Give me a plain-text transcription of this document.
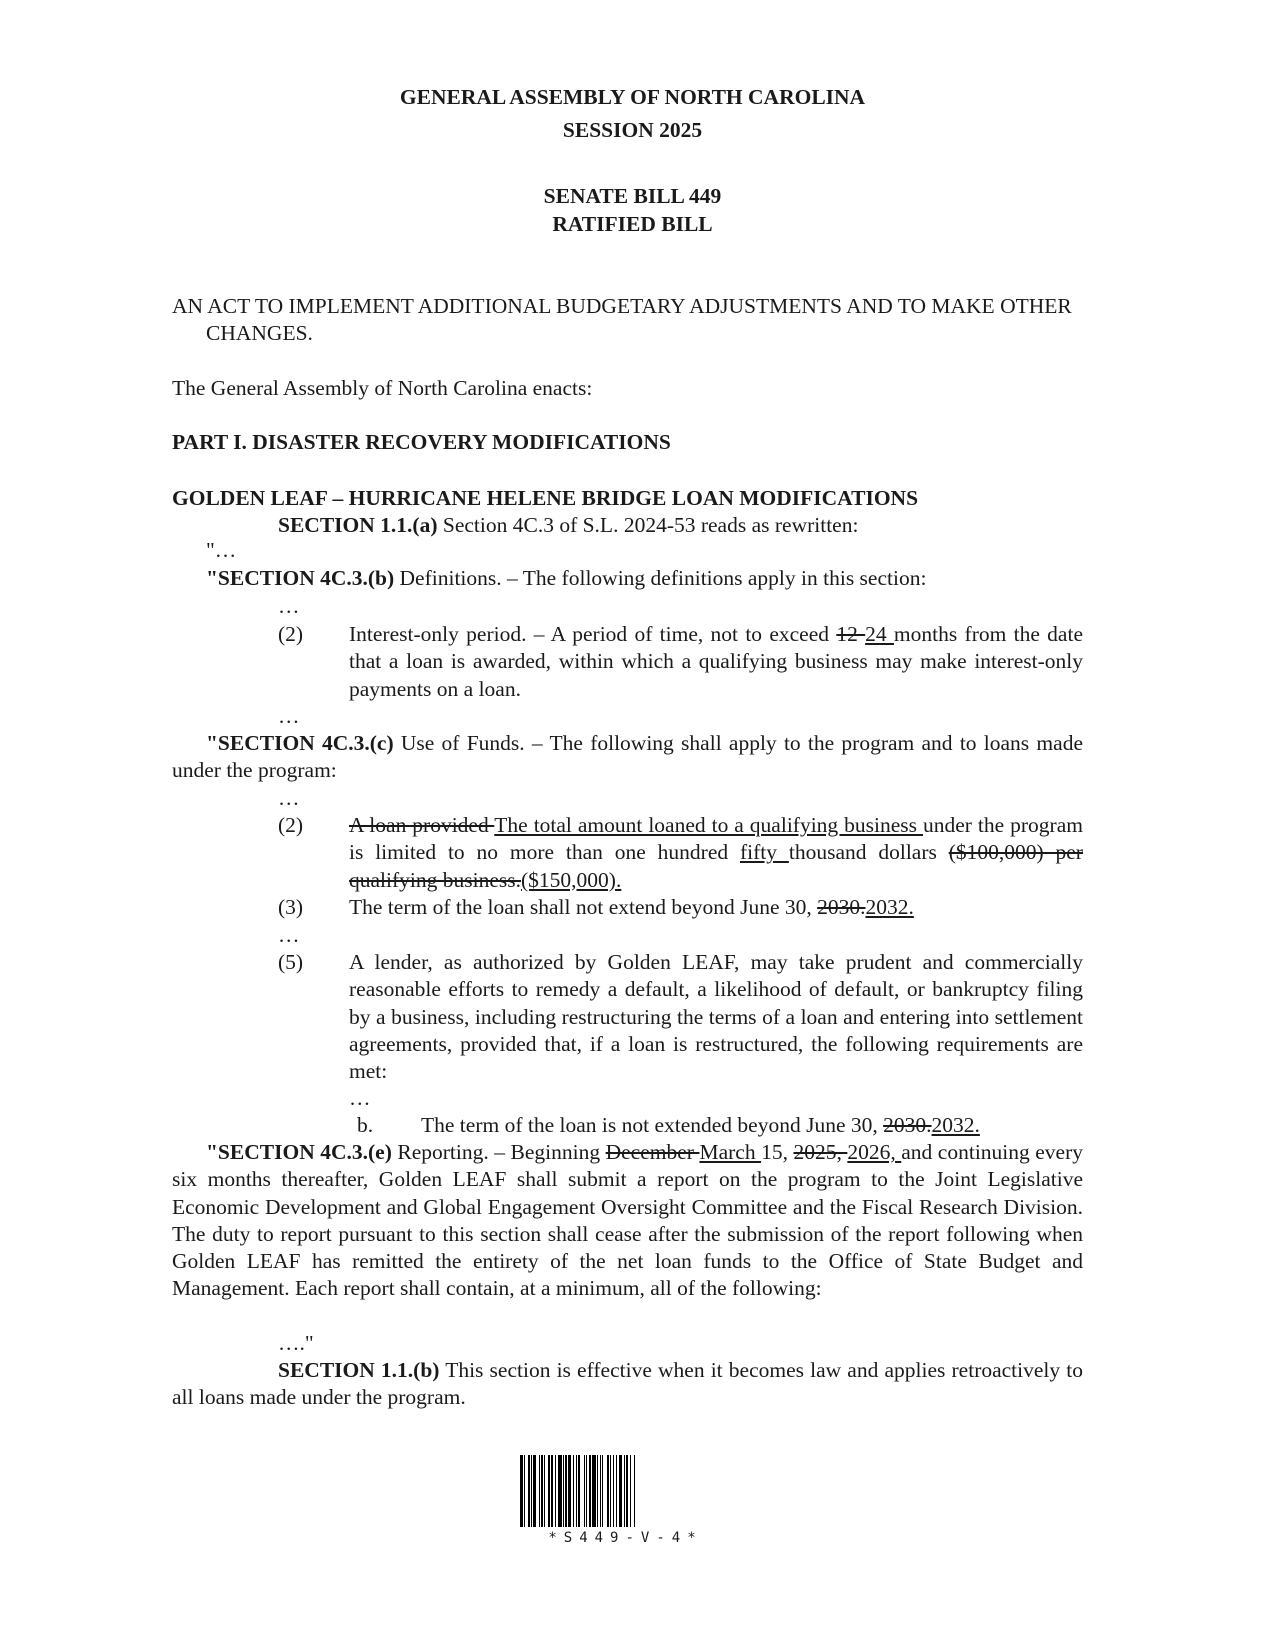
GENERAL ASSEMBLY OF NORTH CAROLINA
SESSION 2025
SENATE BILL 449
RATIFIED BILL
AN ACT TO IMPLEMENT ADDITIONAL BUDGETARY ADJUSTMENTS AND TO MAKE OTHER CHANGES.
The General Assembly of North Carolina enacts:
PART I. DISASTER RECOVERY MODIFICATIONS
GOLDEN LEAF – HURRICANE HELENE BRIDGE LOAN MODIFICATIONS
SECTION 1.1.(a) Section 4C.3 of S.L. 2024-53 reads as rewritten:
"…
"SECTION 4C.3.(b) Definitions. – The following definitions apply in this section:
…
(2) Interest-only period. – A period of time, not to exceed 12 24 months from the date that a loan is awarded, within which a qualifying business may make interest-only payments on a loan.
…
"SECTION 4C.3.(c) Use of Funds. – The following shall apply to the program and to loans made under the program:
…
(2) A loan provided The total amount loaned to a qualifying business under the program is limited to no more than one hundred fifty thousand dollars ($100,000) per qualifying business.($150,000).
(3) The term of the loan shall not extend beyond June 30, 2030.2032.
…
(5) A lender, as authorized by Golden LEAF, may take prudent and commercially reasonable efforts to remedy a default, a likelihood of default, or bankruptcy filing by a business, including restructuring the terms of a loan and entering into settlement agreements, provided that, if a loan is restructured, the following requirements are met:
…
b. The term of the loan is not extended beyond June 30, 2030.2032.
"SECTION 4C.3.(e) Reporting. – Beginning December March 15, 2025, 2026, and continuing every six months thereafter, Golden LEAF shall submit a report on the program to the Joint Legislative Economic Development and Global Engagement Oversight Committee and the Fiscal Research Division. The duty to report pursuant to this section shall cease after the submission of the report following when Golden LEAF has remitted the entirety of the net loan funds to the Office of State Budget and Management. Each report shall contain, at a minimum, all of the following:
…."
SECTION 1.1.(b) This section is effective when it becomes law and applies retroactively to all loans made under the program.
*S449-V-4*
